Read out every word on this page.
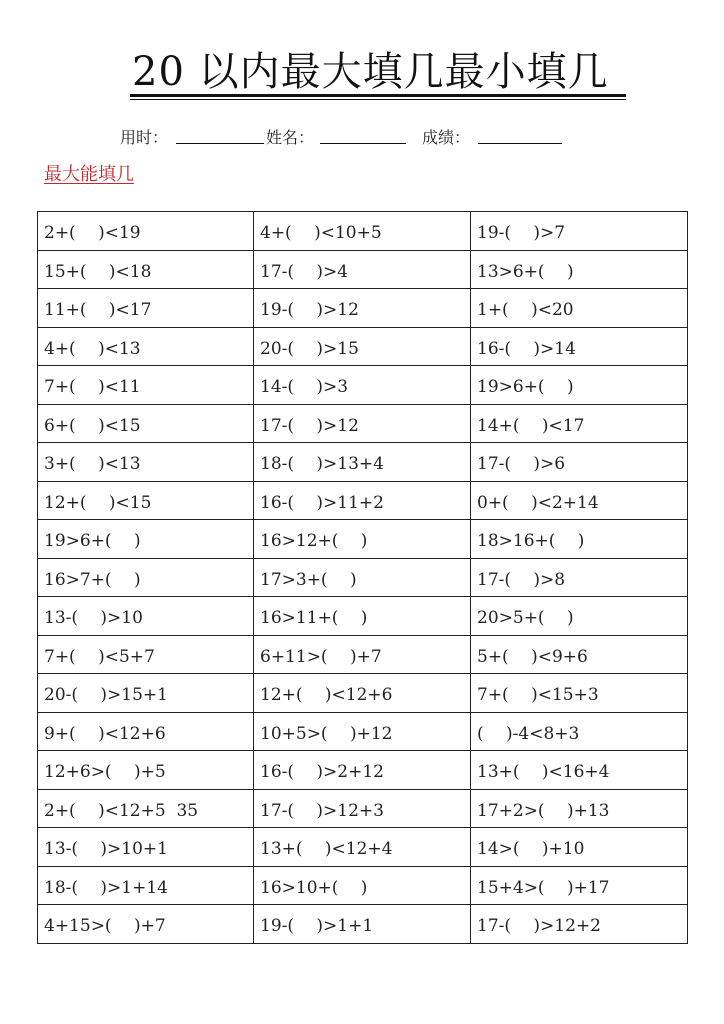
20 以内最大填几最小填几
用时：	姓名：	成绩：
最大能填几
2+(　 )<19	4+(　 )<10+5	19-(　 )>7
15+(　 )<18	17-(　 )>4	13>6+(　 )
11+(　 )<17	19-(　 )>12	1+(　 )<20
4+(　 )<13	20-(　 )>15	16-(　 )>14
7+(　 )<11	14-(　 )>3	19>6+(　 )
6+(　 )<15	17-(　 )>12	14+(　 )<17
3+(　 )<13	18-(　 )>13+4	17-(　 )>6
12+(　 )<15	16-(　 )>11+2	0+(　 )<2+14
19>6+(　 )	16>12+(　 )	18>16+(　 )
16>7+(　 )	17>3+(　 )	17-(　 )>8
13-(　 )>10	16>11+(　 )	20>5+(　 )
7+(　 )<5+7	6+11>(　 )+7	5+(　 )<9+6
20-(　 )>15+1	12+(　 )<12+6	7+(　 )<15+3
9+(　 )<12+6	10+5>(　 )+12	(　 )-4<8+3
12+6>(　 )+5	16-(　 )>2+12	13+(　 )<16+4
2+(　 )<12+5  35	17-(　 )>12+3	17+2>(　 )+13
13-(　 )>10+1	13+(　 )<12+4	14>(　 )+10
18-(　 )>1+14	16>10+(　 )	15+4>(　 )+17
4+15>(　 )+7	19-(　 )>1+1	17-(　 )>12+2
